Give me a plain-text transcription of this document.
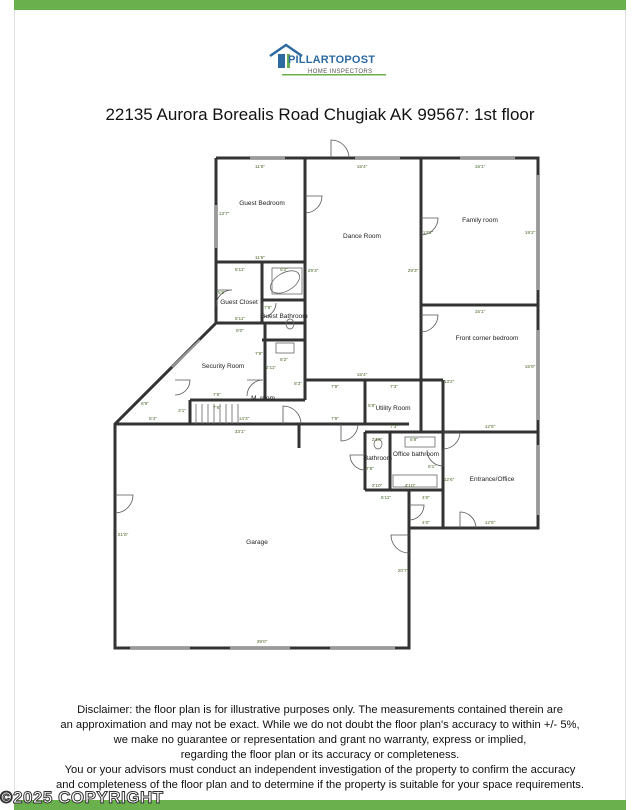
PILLARTOPOST
HOME INSPECTORS
22135 Aurora Borealis Road Chugiak AK 99567: 1st floor
Guest Bedroom
Dance Room
Family room
Guest Closet
Guest Bathroom
Security Room
M. room
Front corner bedroom
Utility Room
Office bathroom
Bathroom
Entrance/Office
Garage
11'6"
13'7"
11'6"
15'4"
29'3"	29'3"
15'4"
15'1"
13'2"	19'2"
5'11"
5'9"
5'11"
5'2"
7'8"
6'0"
7'8"
7'6"
8'4"
6'9"
3'1"
7'6"
5'2"
2'11"
8'3"
14'3"
15'1"
15'9"
13'2"
12'5"
7'3"
5'8"
7'3"
7'9"
7'9"
5'9"
6'1"
2'10"
7'8"
2'10"	4'10"
12'6"
12'5"
4'0"
4'0"
5'11"
33'1"
21'6"
20'7"
39'0"
Disclaimer: the floor plan is for illustrative purposes only. The measurements contained therein are
an approximation and may not be exact. While we do not doubt the floor plan's accuracy to within +/- 5%,
we make no guarantee or representation and grant no warranty, express or implied,
regarding the floor plan or its accuracy or completeness.
You or your advisors must conduct an independent investigation of the property to confirm the accuracy
and completeness of the floor plan and to determine if the property is suitable for your space requirements.
©2025 COPYRIGHT
